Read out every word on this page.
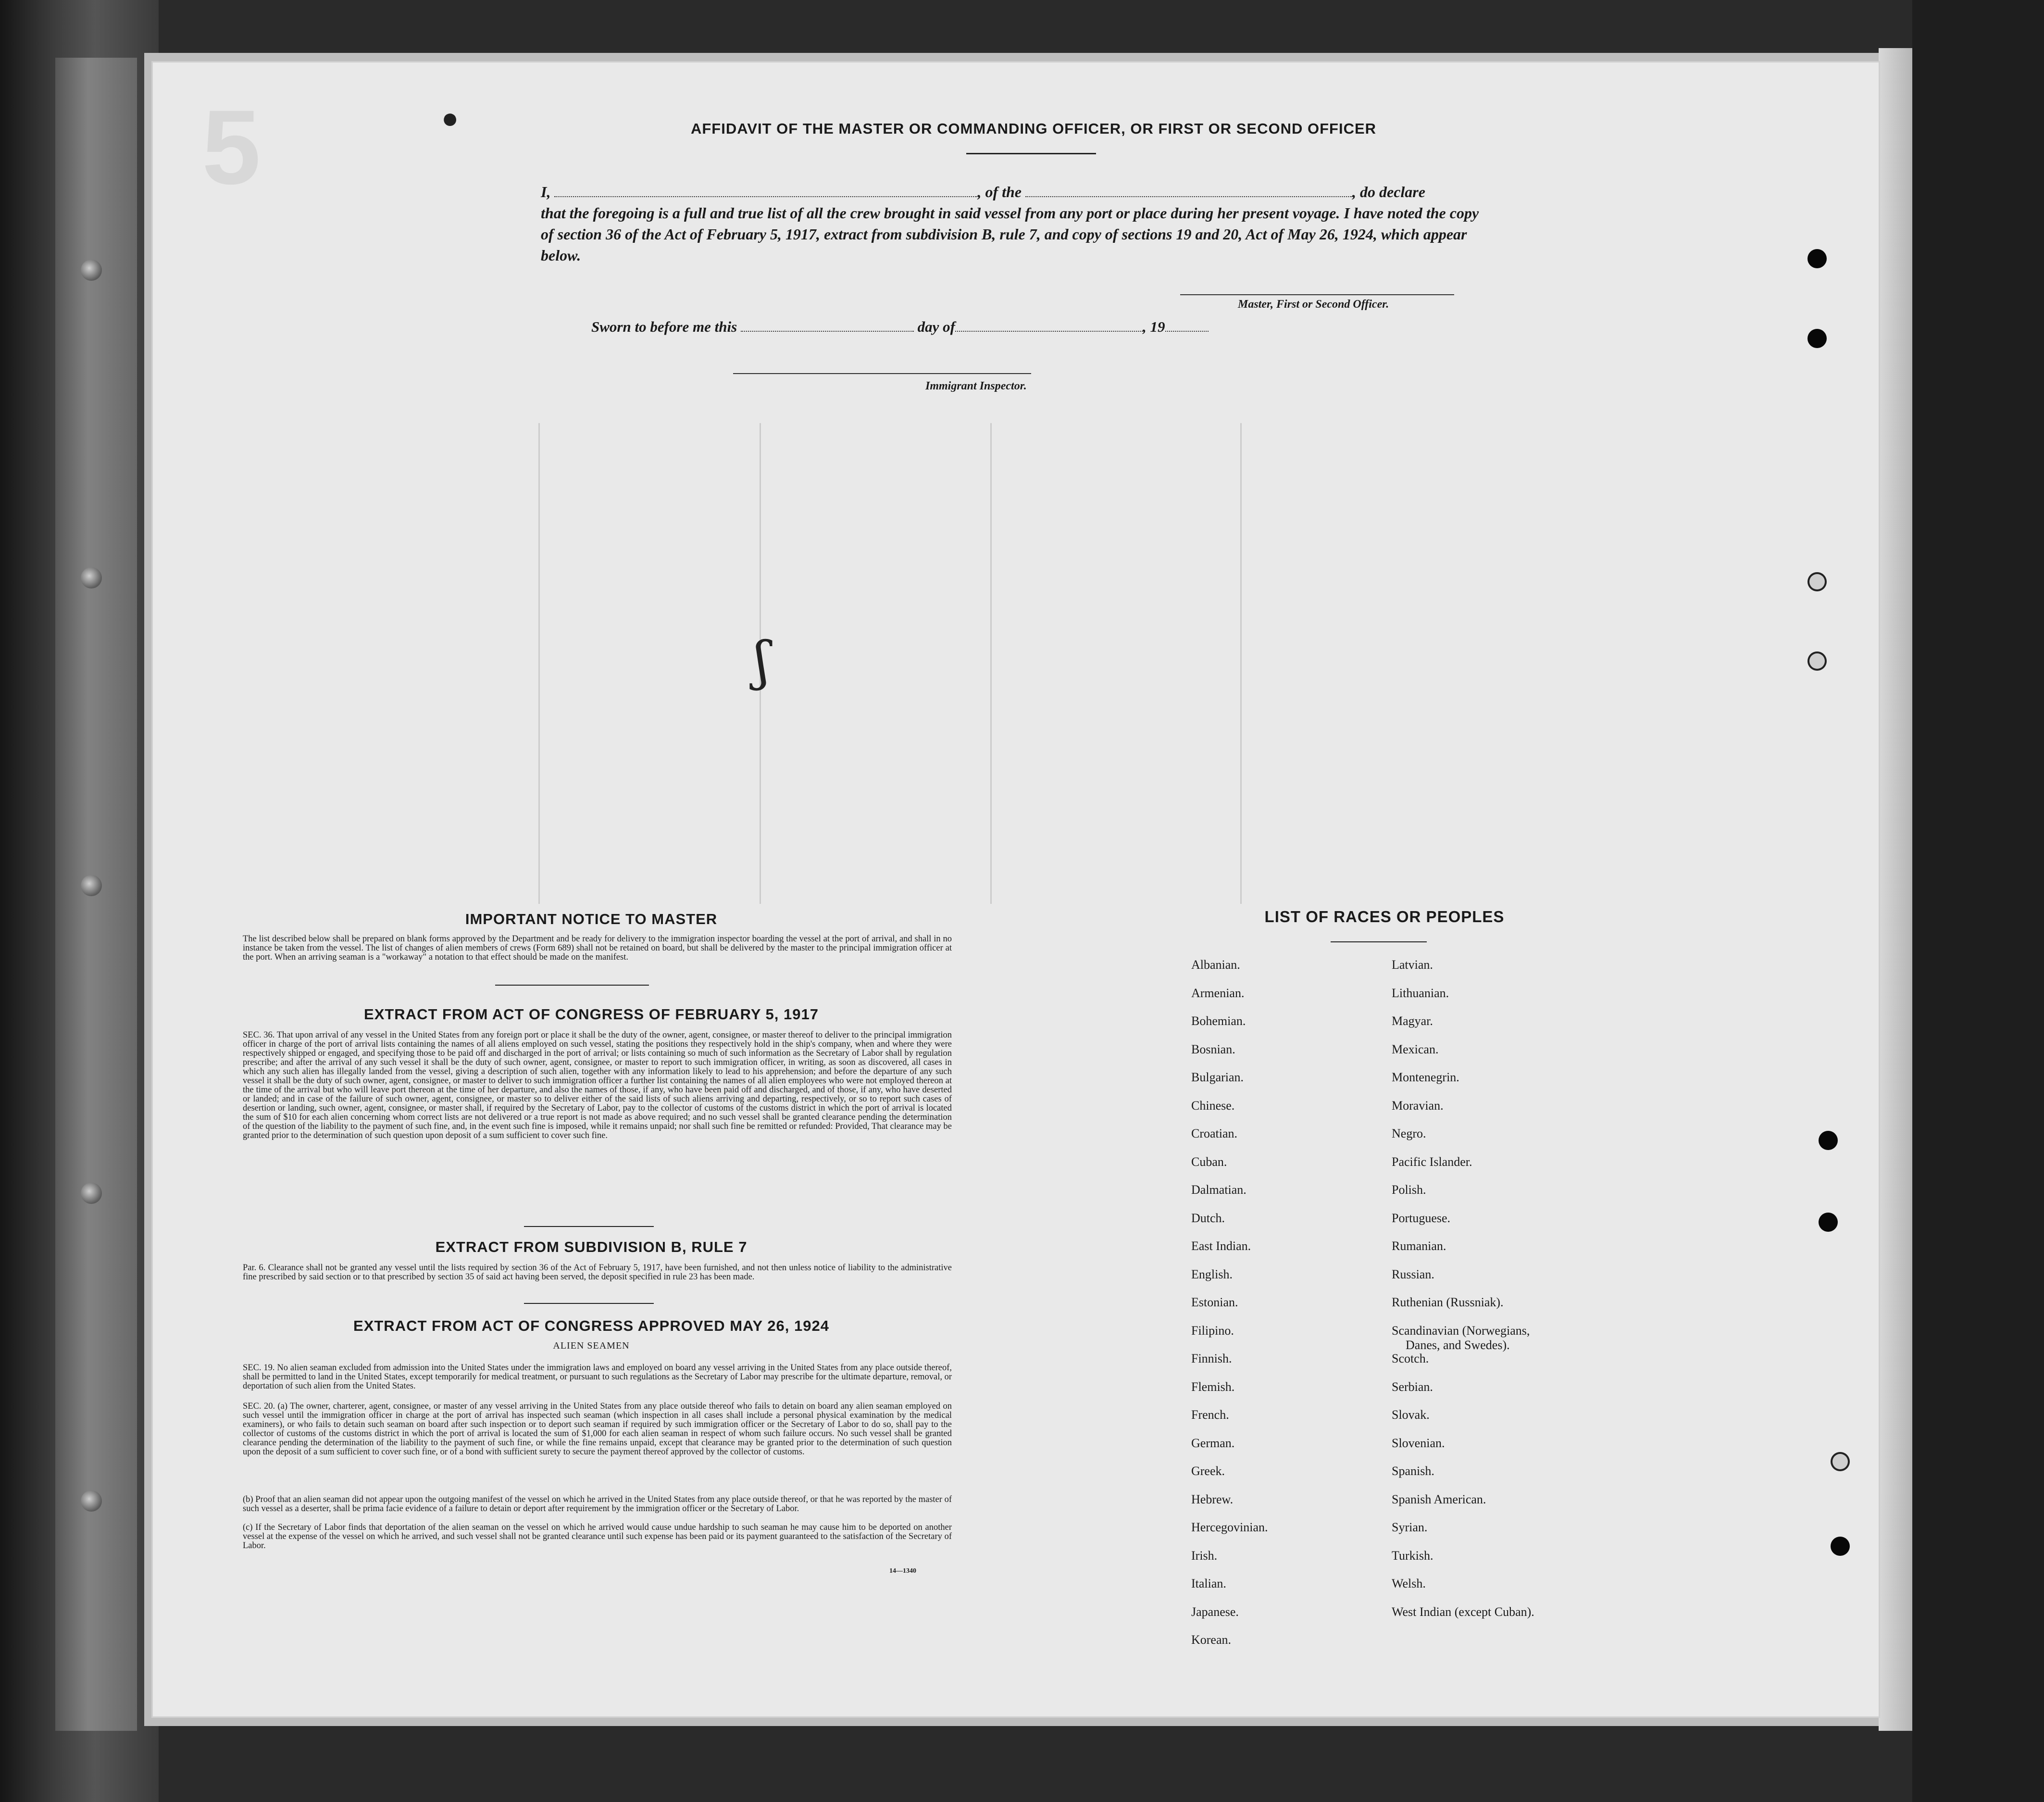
5	●
ʃ
AFFIDAVIT OF THE MASTER OR COMMANDING OFFICER, OR FIRST OR SECOND OFFICER
I,	, of the	, do declare
that the foregoing is a full and true list of all the crew brought in said vessel from any port or place during her present voyage. I have noted the copy of section 36 of the Act of February 5, 1917, extract from subdivision B, rule 7, and copy of sections 19 and 20, Act of May 26, 1924, which appear below.
Master, First or Second Officer.
Sworn to before me this	day of	, 19
Immigrant Inspector.
IMPORTANT NOTICE TO MASTER
The list described below shall be prepared on blank forms approved by the Department and be ready for delivery to the immigration inspector boarding the vessel at the port of arrival, and shall in no instance be taken from the vessel. The list of changes of alien members of crews (Form 689) shall not be retained on board, but shall be delivered by the master to the principal immigration officer at the port. When an arriving seaman is a "workaway" a notation to that effect should be made on the manifest.
EXTRACT FROM ACT OF CONGRESS OF FEBRUARY 5, 1917
SEC. 36. That upon arrival of any vessel in the United States from any foreign port or place it shall be the duty of the owner, agent, consignee, or master thereof to deliver to the principal immigration officer in charge of the port of arrival lists containing the names of all aliens employed on such vessel, stating the positions they respectively hold in the ship's company, when and where they were respectively shipped or engaged, and specifying those to be paid off and discharged in the port of arrival; or lists containing so much of such information as the Secretary of Labor shall by regulation prescribe; and after the arrival of any such vessel it shall be the duty of such owner, agent, consignee, or master to report to such immigration officer, in writing, as soon as discovered, all cases in which any such alien has illegally landed from the vessel, giving a description of such alien, together with any information likely to lead to his apprehension; and before the departure of any such vessel it shall be the duty of such owner, agent, consignee, or master to deliver to such immigration officer a further list containing the names of all alien employees who were not employed thereon at the time of the arrival but who will leave port thereon at the time of her departure, and also the names of those, if any, who have been paid off and discharged, and of those, if any, who have deserted or landed; and in case of the failure of such owner, agent, consignee, or master so to deliver either of the said lists of such aliens arriving and departing, respectively, or so to report such cases of desertion or landing, such owner, agent, consignee, or master shall, if required by the Secretary of Labor, pay to the collector of customs of the customs district in which the port of arrival is located the sum of $10 for each alien concerning whom correct lists are not delivered or a true report is not made as above required; and no such vessel shall be granted clearance pending the determination of the question of the liability to the payment of such fine, and, in the event such fine is imposed, while it remains unpaid; nor shall such fine be remitted or refunded: Provided, That clearance may be granted prior to the determination of such question upon deposit of a sum sufficient to cover such fine.
EXTRACT FROM SUBDIVISION B, RULE 7
Par. 6. Clearance shall not be granted any vessel until the lists required by section 36 of the Act of February 5, 1917, have been furnished, and not then unless notice of liability to the administrative fine prescribed by said section or to that prescribed by section 35 of said act having been served, the deposit specified in rule 23 has been made.
EXTRACT FROM ACT OF CONGRESS APPROVED MAY 26, 1924
ALIEN SEAMEN
SEC. 19. No alien seaman excluded from admission into the United States under the immigration laws and employed on board any vessel arriving in the United States from any place outside thereof, shall be permitted to land in the United States, except temporarily for medical treatment, or pursuant to such regulations as the Secretary of Labor may prescribe for the ultimate departure, removal, or deportation of such alien from the United States.
SEC. 20. (a) The owner, charterer, agent, consignee, or master of any vessel arriving in the United States from any place outside thereof who fails to detain on board any alien seaman employed on such vessel until the immigration officer in charge at the port of arrival has inspected such seaman (which inspection in all cases shall include a personal physical examination by the medical examiners), or who fails to detain such seaman on board after such inspection or to deport such seaman if required by such immigration officer or the Secretary of Labor to do so, shall pay to the collector of customs of the customs district in which the port of arrival is located the sum of $1,000 for each alien seaman in respect of whom such failure occurs. No such vessel shall be granted clearance pending the determination of the liability to the payment of such fine, or while the fine remains unpaid, except that clearance may be granted prior to the determination of such question upon the deposit of a sum sufficient to cover such fine, or of a bond with sufficient surety to secure the payment thereof approved by the collector of customs.
(b) Proof that an alien seaman did not appear upon the outgoing manifest of the vessel on which he arrived in the United States from any place outside thereof, or that he was reported by the master of such vessel as a deserter, shall be prima facie evidence of a failure to detain or deport after requirement by the immigration officer or the Secretary of Labor.
(c) If the Secretary of Labor finds that deportation of the alien seaman on the vessel on which he arrived would cause undue hardship to such seaman he may cause him to be deported on another vessel at the expense of the vessel on which he arrived, and such vessel shall not be granted clearance until such expense has been paid or its payment guaranteed to the satisfaction of the Secretary of Labor.
14—1340
LIST OF RACES OR PEOPLES
Albanian.
Armenian.
Bohemian.
Bosnian.
Bulgarian.
Chinese.
Croatian.
Cuban.
Dalmatian.
Dutch.
East Indian.
English.
Estonian.
Filipino.
Finnish.
Flemish.
French.
German.
Greek.
Hebrew.
Hercegovinian.
Irish.
Italian.
Japanese.
Korean.
Latvian.
Lithuanian.
Magyar.
Mexican.
Montenegrin.
Moravian.
Negro.
Pacific Islander.
Polish.
Portuguese.
Rumanian.
Russian.
Ruthenian (Russniak).
Scandinavian (Norwegians,
Danes, and Swedes).
Scotch.
Serbian.
Slovak.
Slovenian.
Spanish.
Spanish American.
Syrian.
Turkish.
Welsh.
West Indian (except Cuban).
